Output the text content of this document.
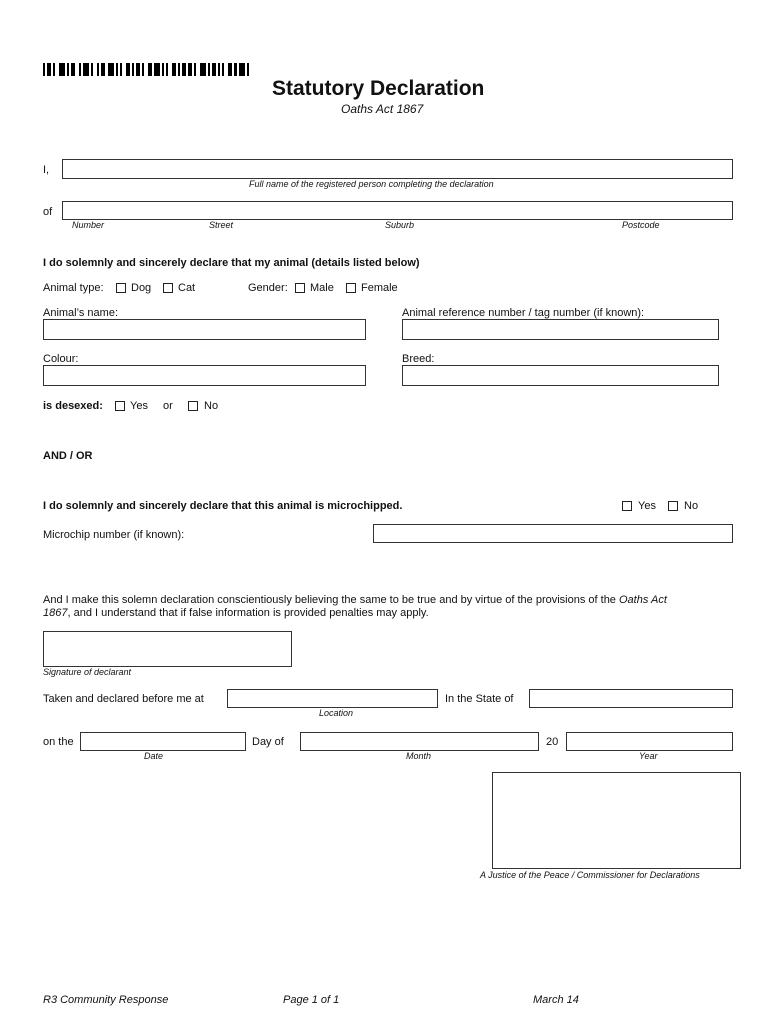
Statutory Declaration
Oaths Act 1867
I,
Full name of the registered person completing the declaration
of
Number	Street	Suburb	Postcode
I do solemnly and sincerely declare that my animal (details listed below)
Animal type: Dog Cat	Gender: Male Female
Animal’s name:	Animal reference number / tag number (if known):
Colour:	Breed:
is desexed: Yes or	No
AND / OR
I do solemnly and sincerely declare that this animal is microchipped.	Yes	No
Microchip number (if known):
And I make this solemn declaration conscientiously believing the same to be true and by virtue of the provisions of the Oaths Act
1867, and I understand that if false information is provided penalties may apply.
Signature of declarant
Taken and declared before me at
Location
In the State of
on the
Date
Day of
Month
20
Year
A Justice of the Peace / Commissioner for Declarations
R3 Community Response	Page 1 of 1	March 14
